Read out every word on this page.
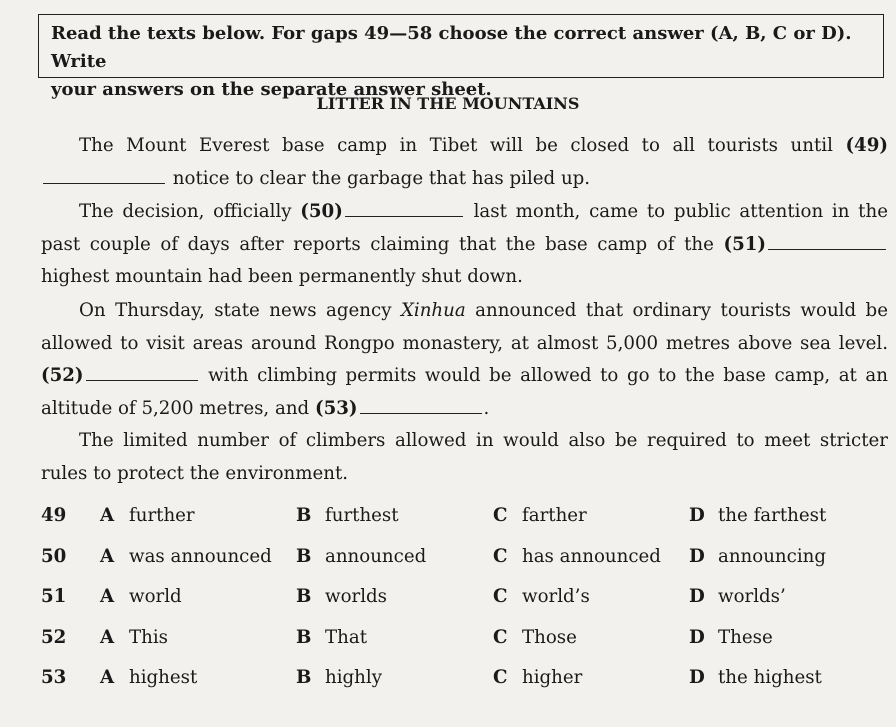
Read the texts below. For gaps 49—58 choose the correct answer (A, B, C or D). Write
your answers on the separate answer sheet.
LITTER IN THE MOUNTAINS
The Mount Everest base camp in Tibet will be closed to all tourists until (49) notice to clear the garbage that has piled up.
The decision, officially (50)	last month, came to public attention in the past couple of days after reports claiming that the base camp of the (51) highest mountain had been permanently shut down.
On Thursday, state news agency Xinhua announced that ordinary tourists would be allowed to visit areas around Rongpo monastery, at almost 5,000 metres above sea level. (52)	with climbing permits would be allowed to go to the base camp, at an altitude of 5,200 metres, and (53)	.
The limited number of climbers allowed in would also be required to meet stricter rules to protect the environment.
49 A further	B furthest	C farther	D the farthest
50 A was announced B announced	C has announced D announcing
51 A world	B worlds	C world’s	D worlds’
52 A This	B That	C Those	D These
53 A highest	B highly	C higher	D the highest
